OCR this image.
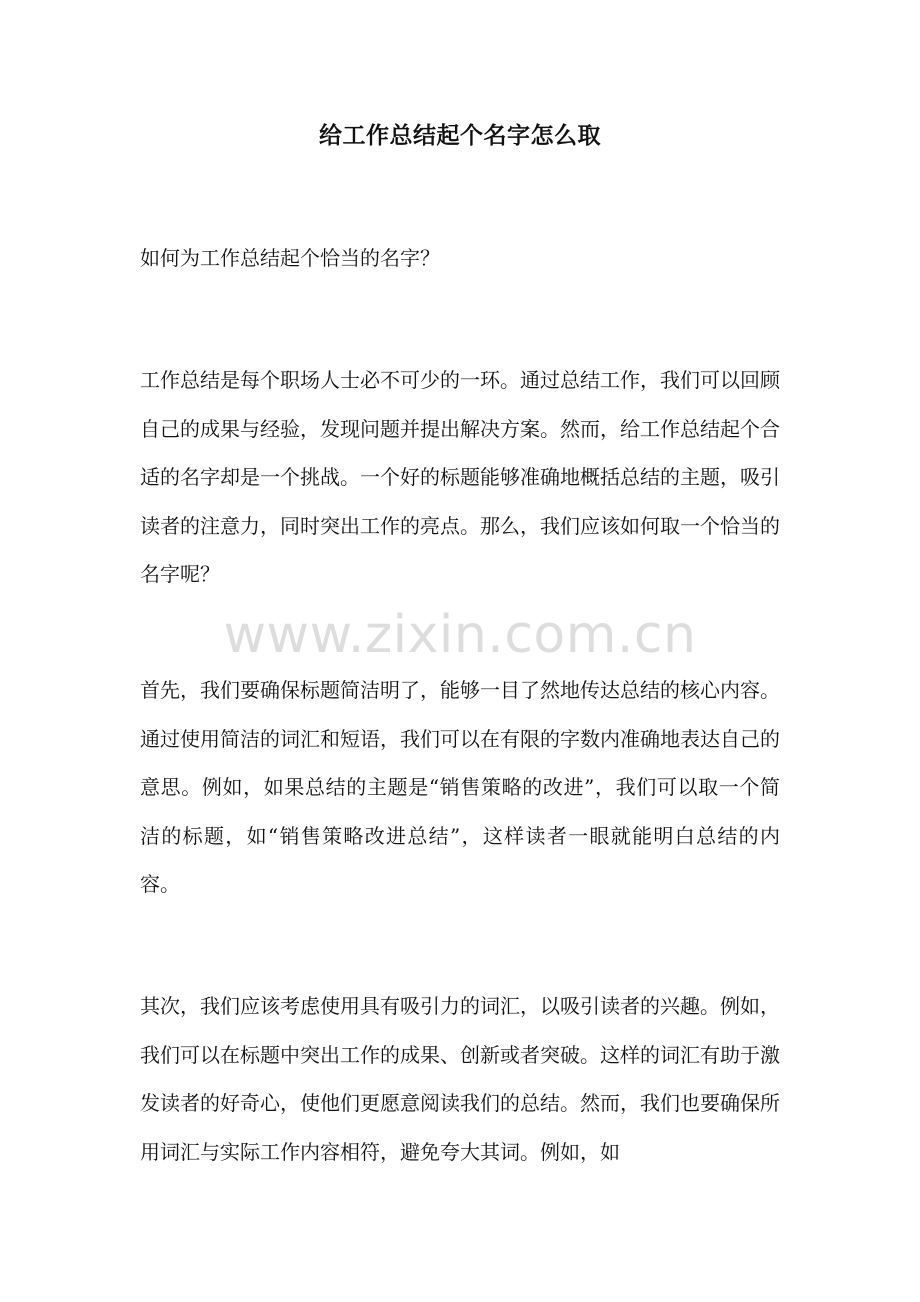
给工作总结起个名字怎么取
如何为工作总结起个恰当的名字？
工作总结是每个职场人士必不可少的一环。通过总结工作，我们可以回顾自己的成果与经验，发现问题并提出解决方案。然而，给工作总结起个合适的名字却是一个挑战。一个好的标题能够准确地概括总结的主题，吸引读者的注意力，同时突出工作的亮点。那么，我们应该如何取一个恰当的名字呢？
www.zixin.com.cn
首先，我们要确保标题简洁明了，能够一目了然地传达总结的核心内容。通过使用简洁的词汇和短语，我们可以在有限的字数内准确地表达自己的意思。例如，如果总结的主题是“销售策略的改进”，我们可以取一个简洁的标题，如“销售策略改进总结”，这样读者一眼就能明白总结的内容。
其次，我们应该考虑使用具有吸引力的词汇，以吸引读者的兴趣。例如，我们可以在标题中突出工作的成果、创新或者突破。这样的词汇有助于激发读者的好奇心，使他们更愿意阅读我们的总结。然而，我们也要确保所用词汇与实际工作内容相符，避免夸大其词。例如，如
